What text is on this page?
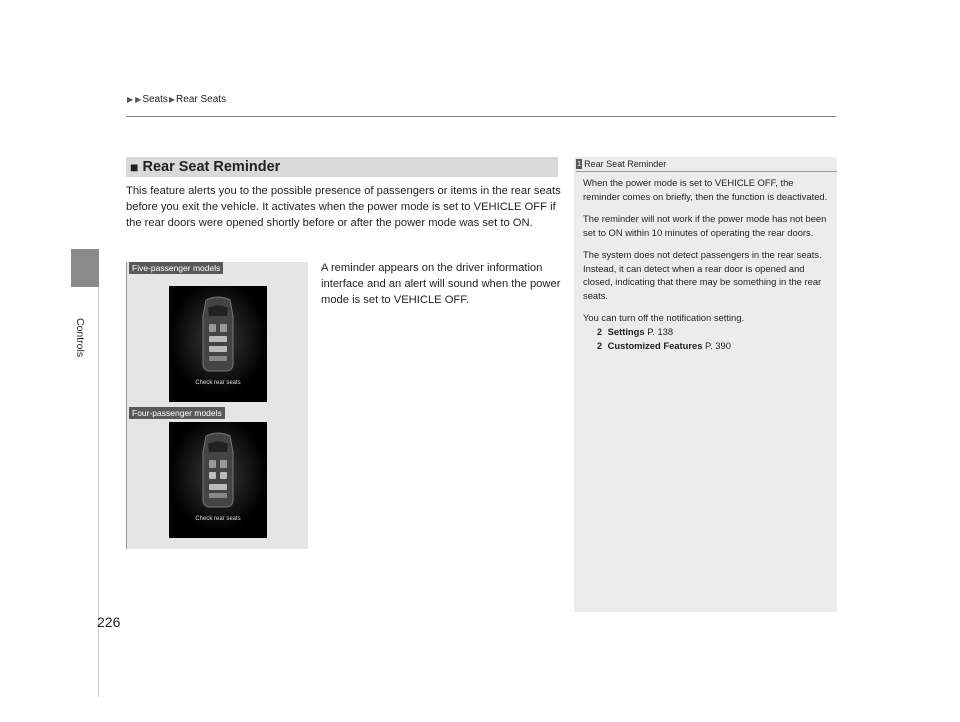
▶ ▶ Seats ▶ Rear Seats
Controls
■ Rear Seat Reminder
This feature alerts you to the possible presence of passengers or items in the rear seats before you exit the vehicle. It activates when the power mode is set to VEHICLE OFF if the rear doors were opened shortly before or after the power mode was set to ON.
A reminder appears on the driver information interface and an alert will sound when the power mode is set to VEHICLE OFF.
Five-passenger models
Check rear seats
Four-passenger models
Check rear seats
1 Rear Seat Reminder

When the power mode is set to VEHICLE OFF, the reminder comes on briefly, then the function is deactivated.

The reminder will not work if the power mode has not been set to ON within 10 minutes of operating the rear doors.

The system does not detect passengers in the rear seats. Instead, it can detect when a rear door is opened and closed, indicating that there may be something in the rear seats.

You can turn off the notification setting.

2 Settings P. 138
2 Customized Features P. 390
226
